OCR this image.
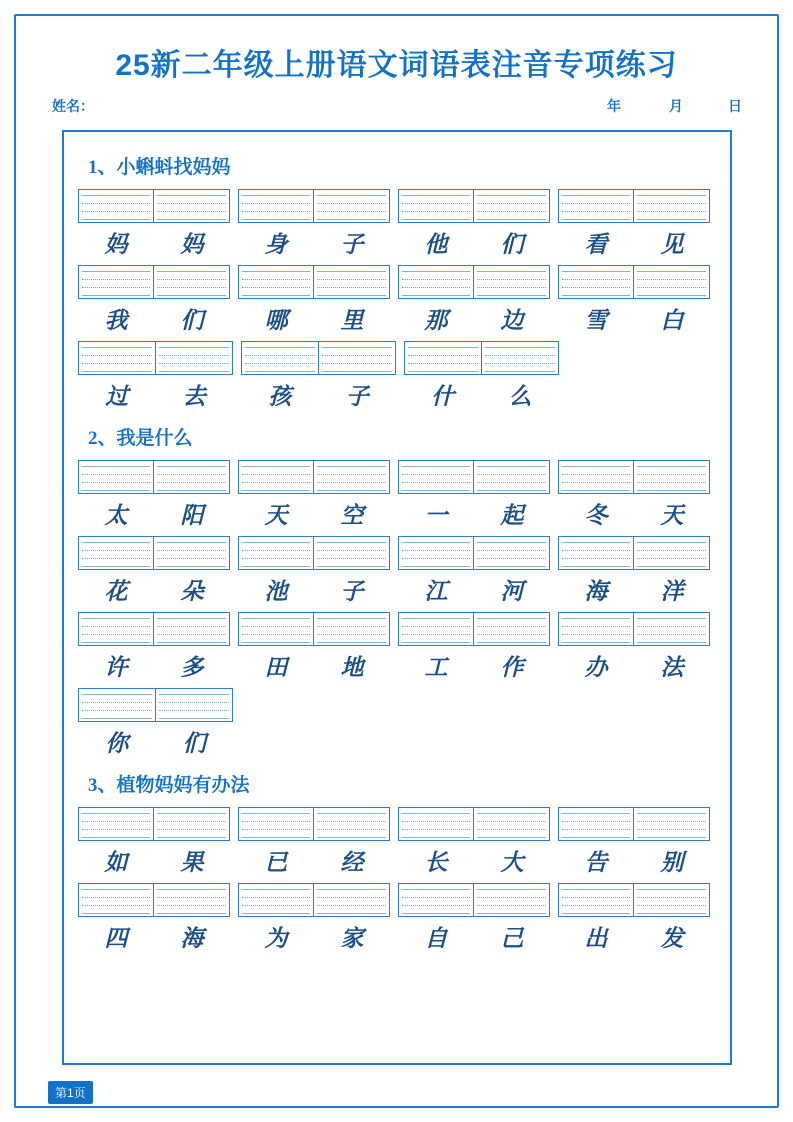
25新二年级上册语文词语表注音专项练习
姓名：	年	月	日
1、小蝌蚪找妈妈
妈	妈	身	子	他	们	看	见
我	们	哪	里	那	边	雪	白
过	去	孩	子	什	么
2、我是什么
太	阳	天	空	一	起	冬	天
花	朵	池	子	江	河	海	洋
许	多	田	地	工	作	办	法
你	们
3、植物妈妈有办法
如	果	已	经	长	大	告	别
四	海	为	家	自	己	出	发
第1页
